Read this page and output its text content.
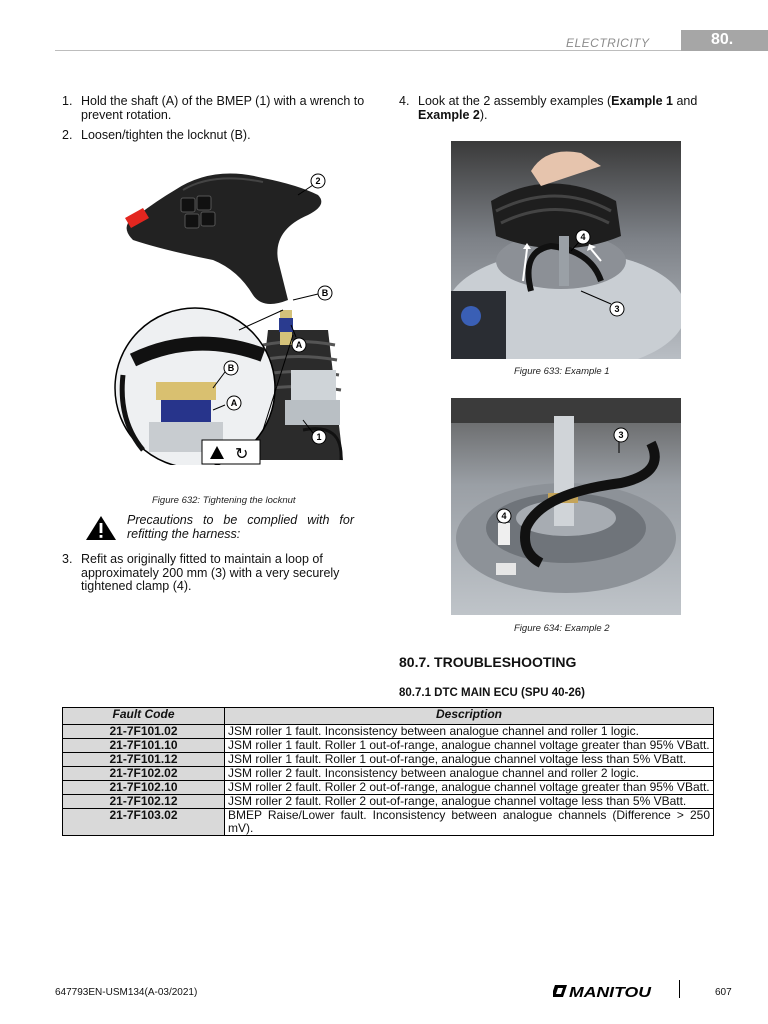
ELECTRICITY	80.
1. Hold the shaft (A) of the BMEP (1) with a wrench to
prevent rotation.
2. Loosen/tighten the locknut (B).
↻
2
B
A
1
B
A
Figure 632: Tightening the locknut
Precautions to be complied with for
refitting the harness:
3. Refit as originally fitted to maintain a loop of
approximately 200 mm (3) with a very securely
tightened clamp (4).
4. Look at the 2 assembly examples (Example 1 and
Example 2).
4
3
Figure 633: Example 1
3
4
Figure 634: Example 2
80.7. TROUBLESHOOTING
80.7.1 DTC MAIN ECU (SPU 40-26)
Fault Code	Description
21-7F101.02	JSM roller 1 fault. Inconsistency between analogue channel and roller 1 logic.
21-7F101.10	JSM roller 1 fault. Roller 1 out-of-range, analogue channel voltage greater than 95% VBatt.
21-7F101.12	JSM roller 1 fault. Roller 1 out-of-range, analogue channel voltage less than 5% VBatt.
21-7F102.02	JSM roller 2 fault. Inconsistency between analogue channel and roller 2 logic.
21-7F102.10	JSM roller 2 fault. Roller 2 out-of-range, analogue channel voltage greater than 95% VBatt.
21-7F102.12	JSM roller 2 fault. Roller 2 out-of-range, analogue channel voltage less than 5% VBatt.
21-7F103.02	BMEP Raise/Lower fault. Inconsistency between analogue channels (Difference > 250 mV).
647793EN-USM134(A-03/2021)	MANITOU	607
